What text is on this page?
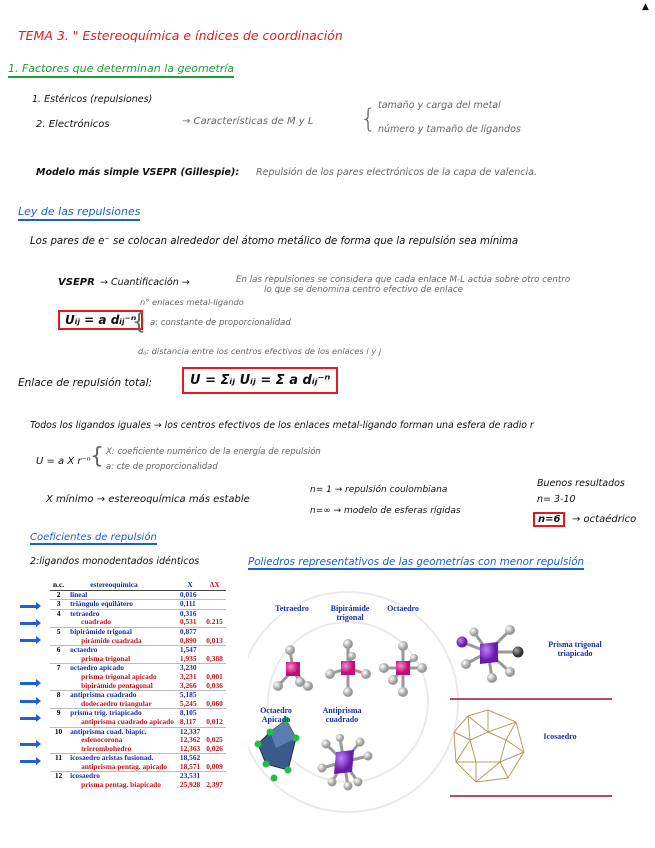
▲
TEMA 3. " Estereoquímica e índices de coordinación
1. Factores que determinan la geometría
1. Estéricos (repulsiones)
2. Electrónicos	→ Características de M y L { tamaño y carga del metal
número y tamaño de ligandos
Modelo más simple VSEPR (Gillespie): Repulsión de los pares electrónicos de la capa de valencia.
Ley de las repulsiones
Los pares de e⁻ se colocan alrededor del átomo metálico de forma que la repulsión sea mínima
VSEPR → Cuantificación →	En las repulsiones se considera que cada enlace M-L actúa sobre otro centro
lo que se denomina centro efectivo de enlace
Uᵢⱼ = a dᵢⱼ⁻ⁿ
n° enlaces metal-ligando
{ a: constante de proporcionalidad
dᵢⱼ: distancia entre los centros efectivos de los enlaces i y j
Enlace de repulsión total:	U = Σᵢⱼ Uᵢⱼ = Σ a dᵢⱼ⁻ⁿ
Todos los ligandos iguales → los centros efectivos de los enlaces metal-ligando forman una esfera de radio r
U = a X r⁻ⁿ { X: coeficiente numérico de la energía de repulsión
a: cte de proporcionalidad
X mínimo → estereoquímica más estable
n= 1 → repulsión coulombiana
n=∞ → modelo de esferas rígidas
Buenos resultados
n= 3-10
n=6	→ octaédrico
Coeficientes de repulsión
2:ligandos monodentados idénticos
n.c.	estereoquímica	X	ΔX
2	lineal	0,016	
3	triángulo equilátero	0,111	
4	tetraedro	0,316	
	cuadrado	0,531	0.215
5	bipirámide trigonal	0,877	
	pirámide cuadrada	0,890	0,013
6	octaedro	1,547	
	prisma trigonal	1,935	0,388
7	octaedro apicado	3,230	
	prisma trigonal apicado	3,231	0,001
	bipirámide pentagonal	3,266	0,036
8	antiprisma cuadrado	5,185	
	dodecaedro triangular	5,245	0,060
9	prisma trig. triapicado	8,105	
	antiprisma cuadrado apicado	8,117	0,012
10	antiprisma cuad. biapic.	12,337	
	esfenocorona	12,362	0,025
	trirrombohedro	12,363	0,026
11	icosaedro aristas fusionad.	18,562	
	antiprisma pentag. apicado	18,571	0,009
12	icosaedro	23,531	
	prisma pentag. biapicado	25,928	2,397
Poliedros representativos de las geometrías con menor repulsión
Tetraedro	Bipirámide trigonal
Octaedro
Octaedro Apicado
Antiprisma cuadrado
Prisma trigonal triapicado
Icosaedro
